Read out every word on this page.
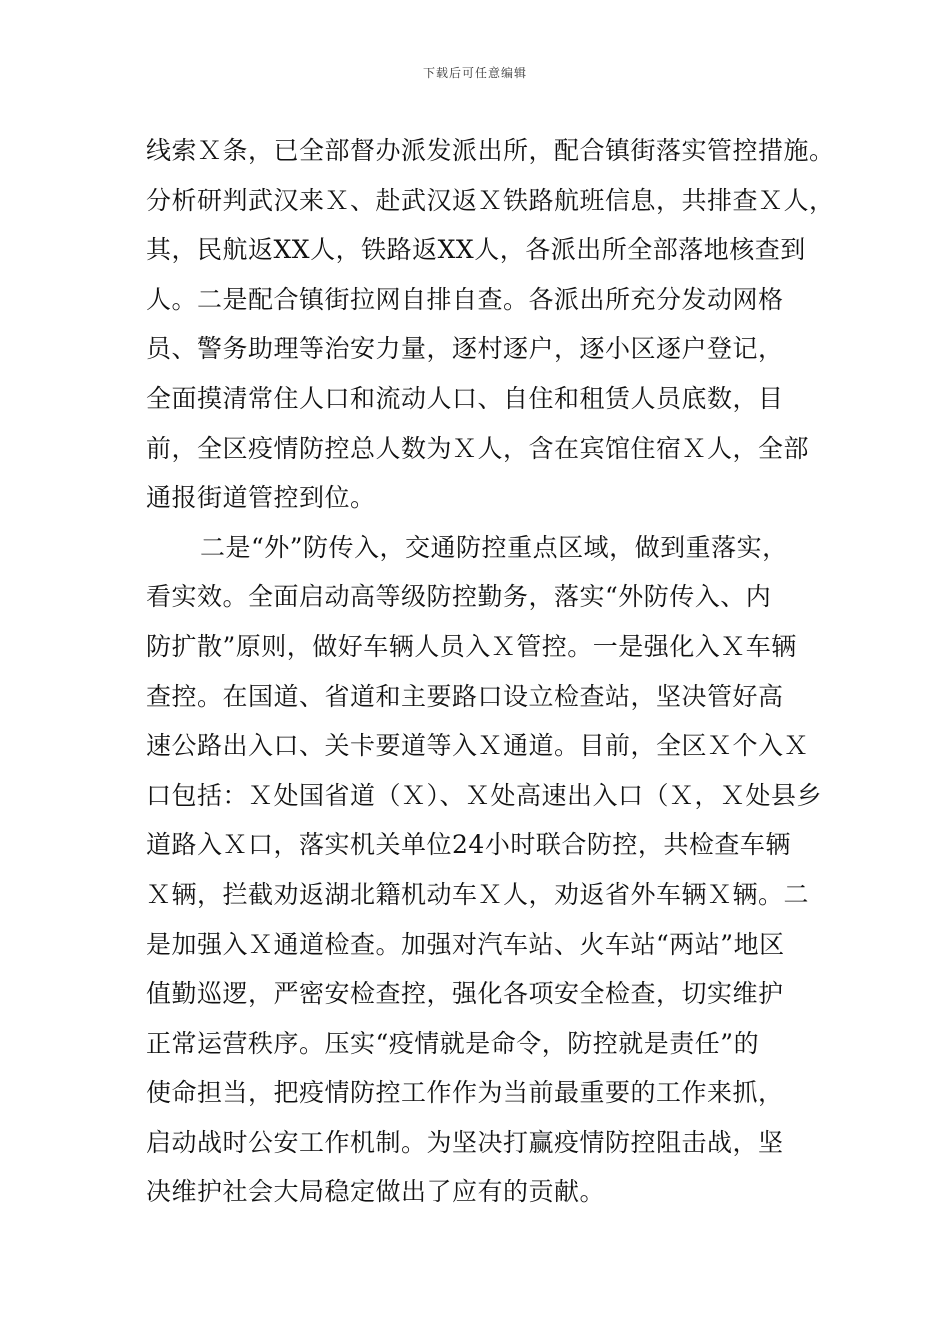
下载后可任意编辑
线索Ｘ条，已全部督办派发派出所，配合镇街落实管控措施。
分析研判武汉来Ｘ、赴武汉返Ｘ铁路航班信息，共排查Ｘ人，
其，民航返XX人，铁路返XX人，各派出所全部落地核查到
人。二是配合镇街拉网自排自查。各派出所充分发动网格
员、警务助理等治安力量，逐村逐户，逐小区逐户登记，
全面摸清常住人口和流动人口、自住和租赁人员底数，目
前，全区疫情防控总人数为Ｘ人，含在宾馆住宿Ｘ人，全部
通报街道管控到位。
二是“外”防传入，交通防控重点区域，做到重落实，
看实效。全面启动高等级防控勤务，落实“外防传入、内
防扩散”原则，做好车辆人员入Ｘ管控。一是强化入Ｘ车辆
查控。在国道、省道和主要路口设立检查站，坚决管好高
速公路出入口、关卡要道等入Ｘ通道。目前，全区Ｘ个入Ｘ
口包括：Ｘ处国省道（Ｘ）、Ｘ处高速出入口（Ｘ，Ｘ处县乡
道路入Ｘ口，落实机关单位24小时联合防控，共检查车辆
Ｘ辆，拦截劝返湖北籍机动车Ｘ人，劝返省外车辆Ｘ辆。二
是加强入Ｘ通道检查。加强对汽车站、火车站“两站”地区
值勤巡逻，严密安检查控，强化各项安全检查，切实维护
正常运营秩序。压实“疫情就是命令，防控就是责任”的
使命担当，把疫情防控工作作为当前最重要的工作来抓，
启动战时公安工作机制。为坚决打赢疫情防控阻击战，坚
决维护社会大局稳定做出了应有的贡献。
